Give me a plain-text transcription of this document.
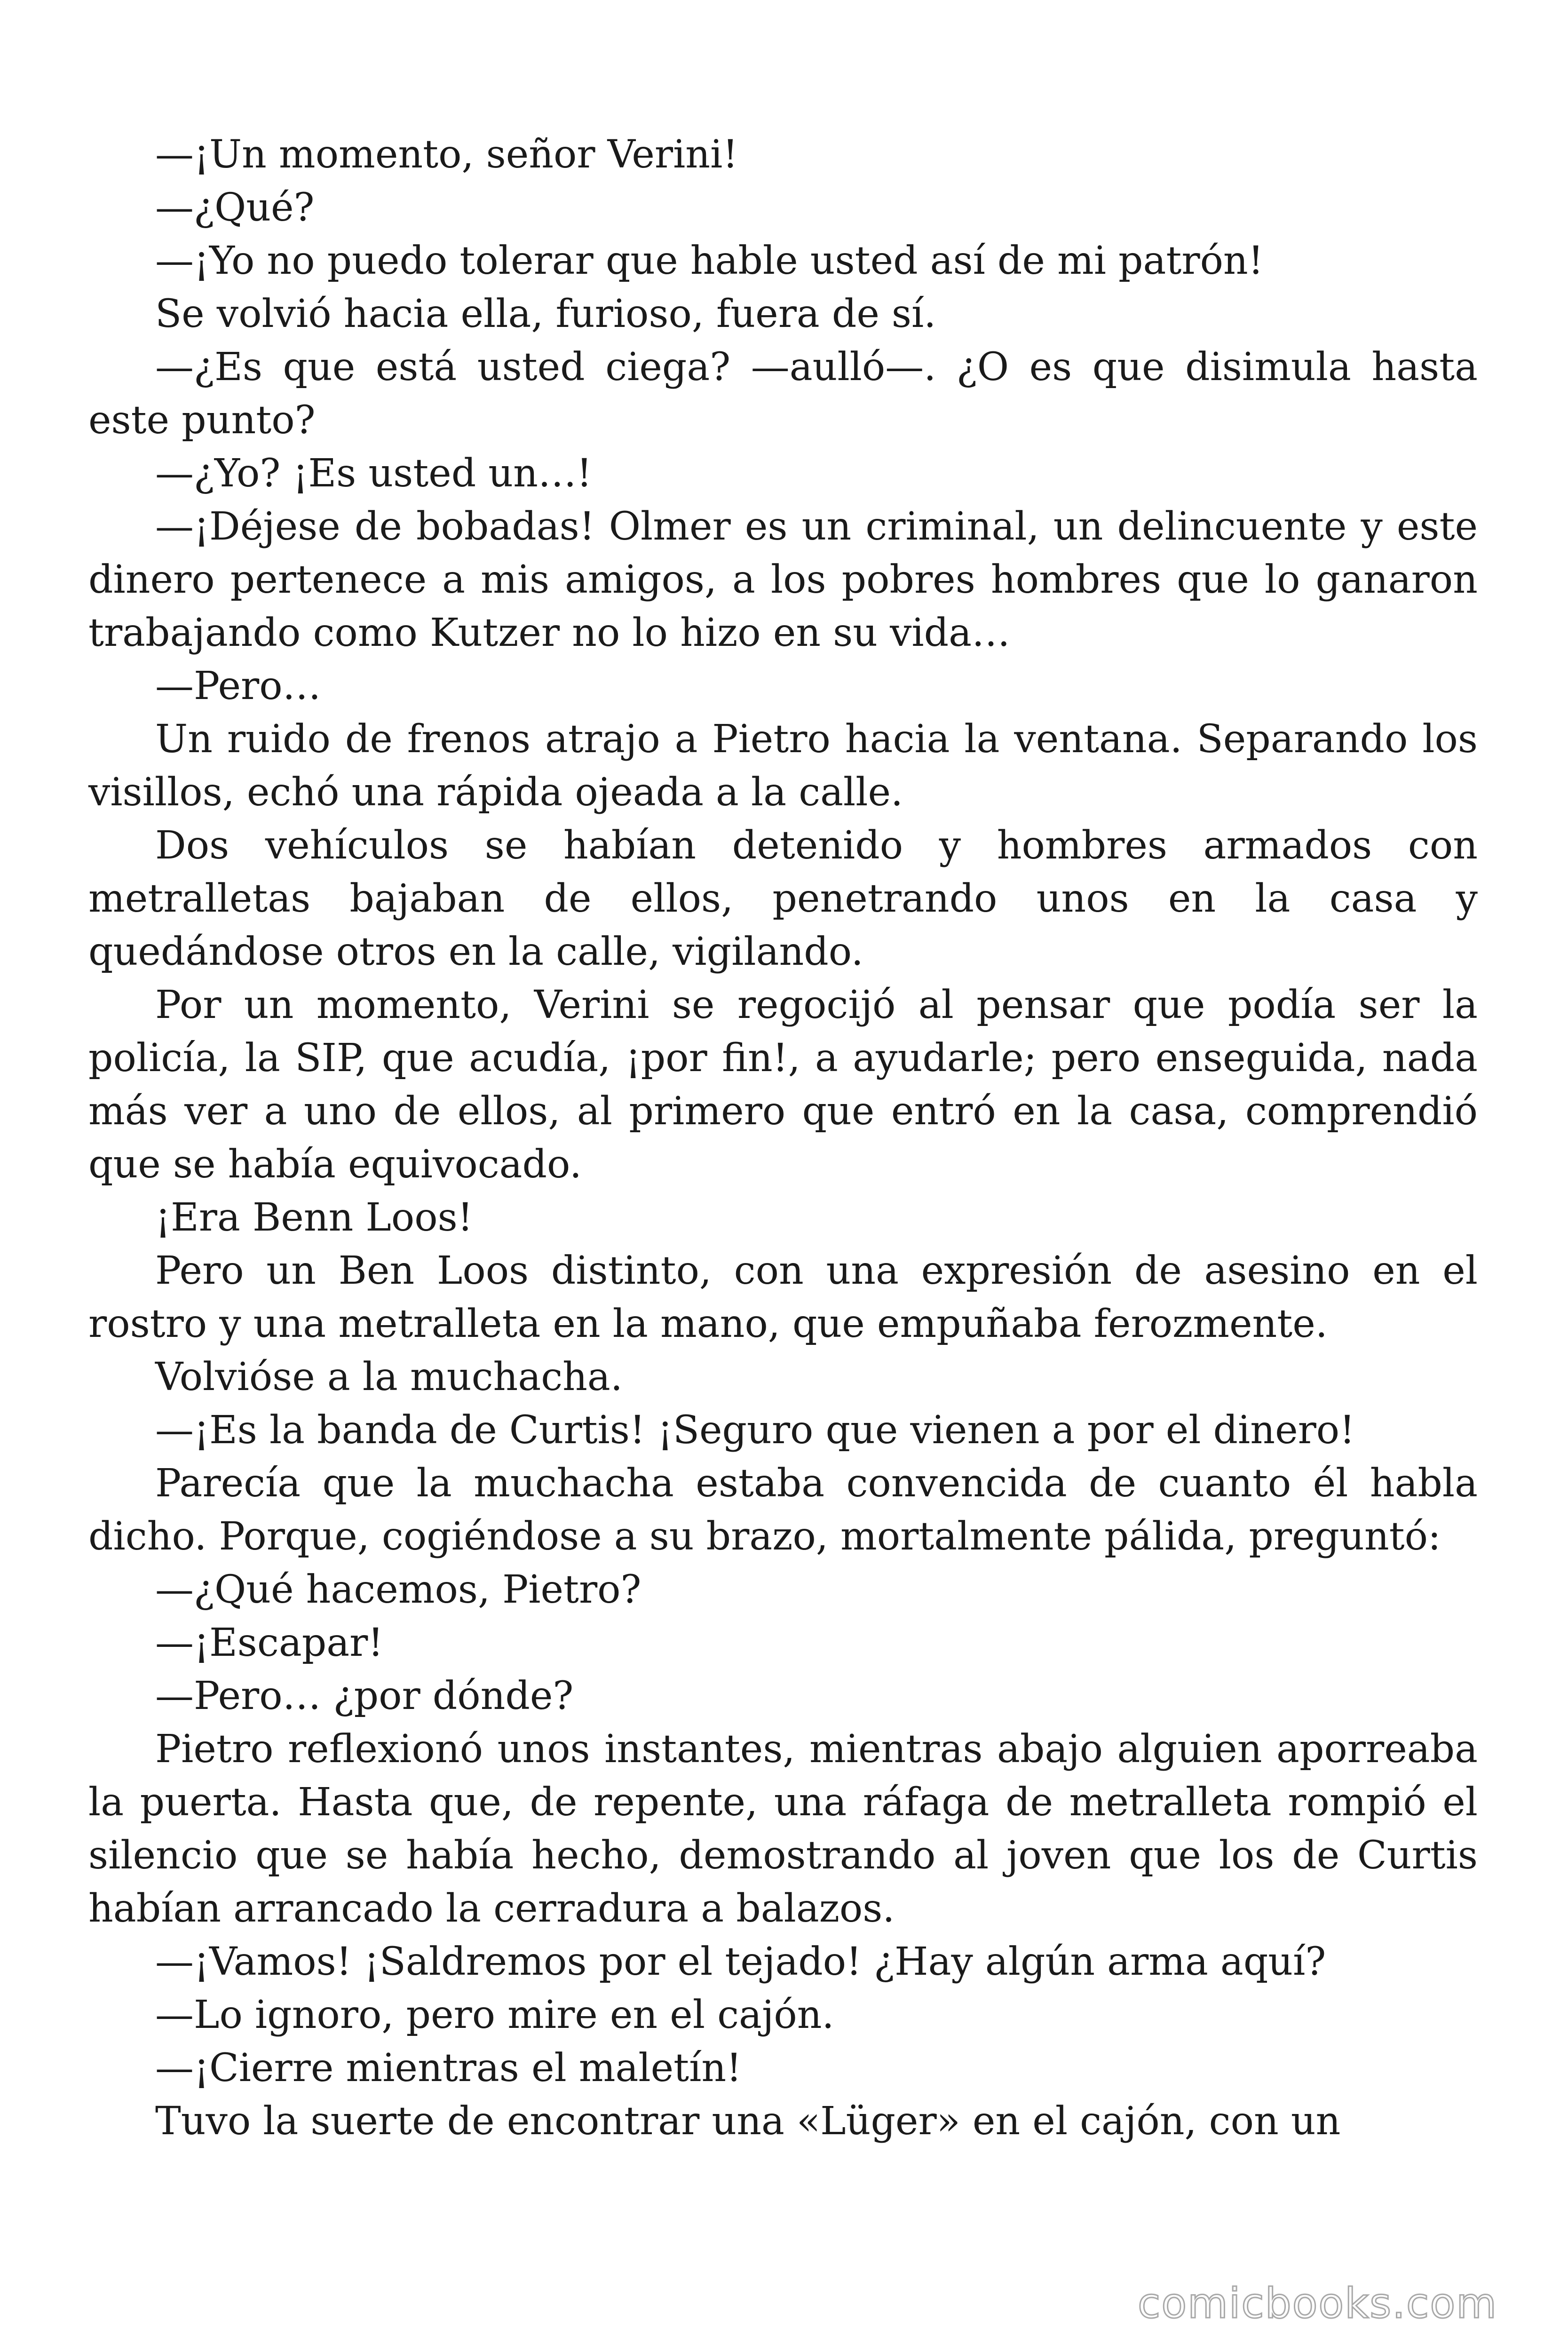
—¡Un momento, señor Verini!

—¿Qué?

—¡Yo no puedo tolerar que hable usted así de mi patrón!

Se volvió hacia ella, furioso, fuera de sí.

—¿Es que está usted ciega? —aulló—. ¿O es que disimula hasta este punto?

—¿Yo? ¡Es usted un…!

—¡Déjese de bobadas! Olmer es un criminal, un delincuente y este dinero pertenece a mis amigos, a los pobres hombres que lo ganaron trabajando como Kutzer no lo hizo en su vida…

—Pero…

Un ruido de frenos atrajo a Pietro hacia la ventana. Separando los visillos, echó una rápida ojeada a la calle.

Dos vehículos se habían detenido y hombres armados con metralletas bajaban de ellos, penetrando unos en la casa y quedándose otros en la calle, vigilando.

Por un momento, Verini se regocijó al pensar que podía ser la policía, la SIP, que acudía, ¡por fin!, a ayudarle; pero enseguida, nada más ver a uno de ellos, al primero que entró en la casa, comprendió que se había equivocado.

¡Era Benn Loos!

Pero un Ben Loos distinto, con una expresión de asesino en el rostro y una metralleta en la mano, que empuñaba ferozmente.

Volvióse a la muchacha.

—¡Es la banda de Curtis! ¡Seguro que vienen a por el dinero!

Parecía que la muchacha estaba convencida de cuanto él habla dicho. Porque, cogiéndose a su brazo, mortalmente pálida, preguntó:

—¿Qué hacemos, Pietro?

—¡Escapar!

—Pero… ¿por dónde?

Pietro reflexionó unos instantes, mientras abajo alguien aporreaba la puerta. Hasta que, de repente, una ráfaga de metralleta rompió el silencio que se había hecho, demostrando al joven que los de Curtis habían arrancado la cerradura a balazos.

—¡Vamos! ¡Saldremos por el tejado! ¿Hay algún arma aquí?

—Lo ignoro, pero mire en el cajón.

—¡Cierre mientras el maletín!

Tuvo la suerte de encontrar una «Lüger» en el cajón, con un

comicbooks.com
